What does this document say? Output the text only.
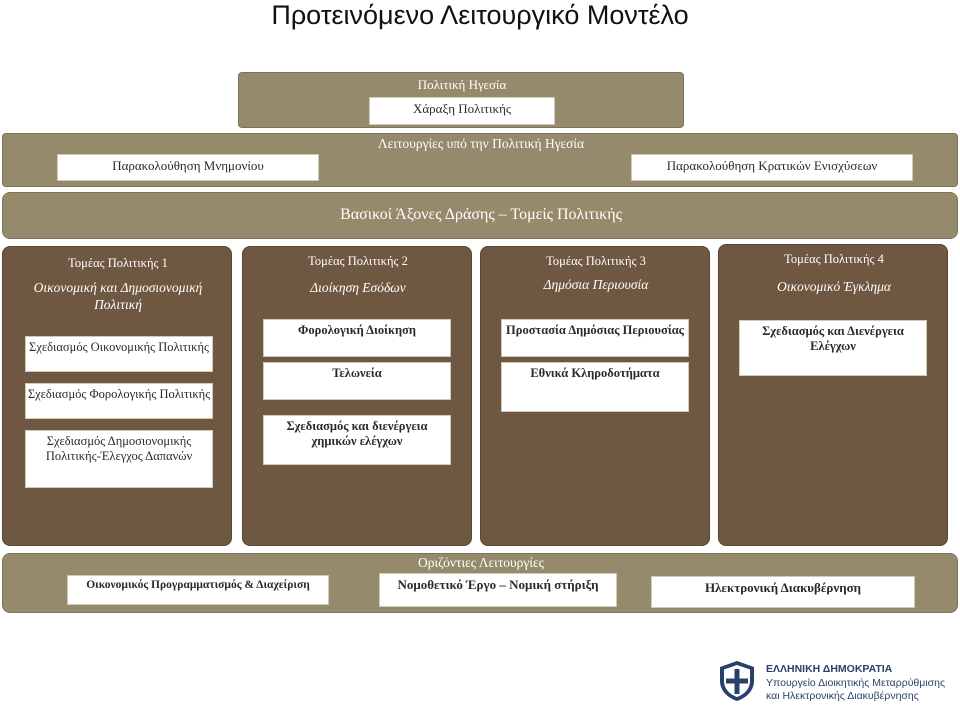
Προτεινόμενο Λειτουργικό Μοντέλο
Πολιτική Ηγεσία
Χάραξη Πολιτικής
Λειτουργίες υπό την Πολιτική Ηγεσία
Παρακολούθηση Μνημονίου	Παρακολούθηση Κρατικών Ενισχύσεων
Βασικοί Άξονες Δράσης – Τομείς Πολιτικής
Τομέας Πολιτικής 1
Οικονομική και Δημοσιονομική Πολιτική
Σχεδιασμός Οικονομικής Πολιτικής
Σχεδιασμός Φορολογικής Πολιτικής
Σχεδιασμός Δημοσιονομικής Πολιτικής-Έλεγχος Δαπανών
Τομέας Πολιτικής 2
Διοίκηση Εσόδων
Φορολογική Διοίκηση
Τελωνεία
Σχεδιασμός και διενέργεια χημικών ελέγχων
Τομέας Πολιτικής 3
Δημόσια Περιουσία
Προστασία Δημόσιας Περιουσίας
Εθνικά Κληροδοτήματα
Τομέας Πολιτικής 4
Οικονομικό Έγκλημα
Σχεδιασμός και Διενέργεια Ελέγχων
Οριζόντιες Λειτουργίες
Οικονομικός Προγραμματισμός & Διαχείριση	Νομοθετικό Έργο – Νομική στήριξη	Ηλεκτρονική Διακυβέρνηση
ΕΛΛΗΝΙΚΗ ΔΗΜΟΚΡΑΤΙΑ
Υπουργείο Διοικητικής Μεταρρύθμισης
και Ηλεκτρονικής Διακυβέρνησης
